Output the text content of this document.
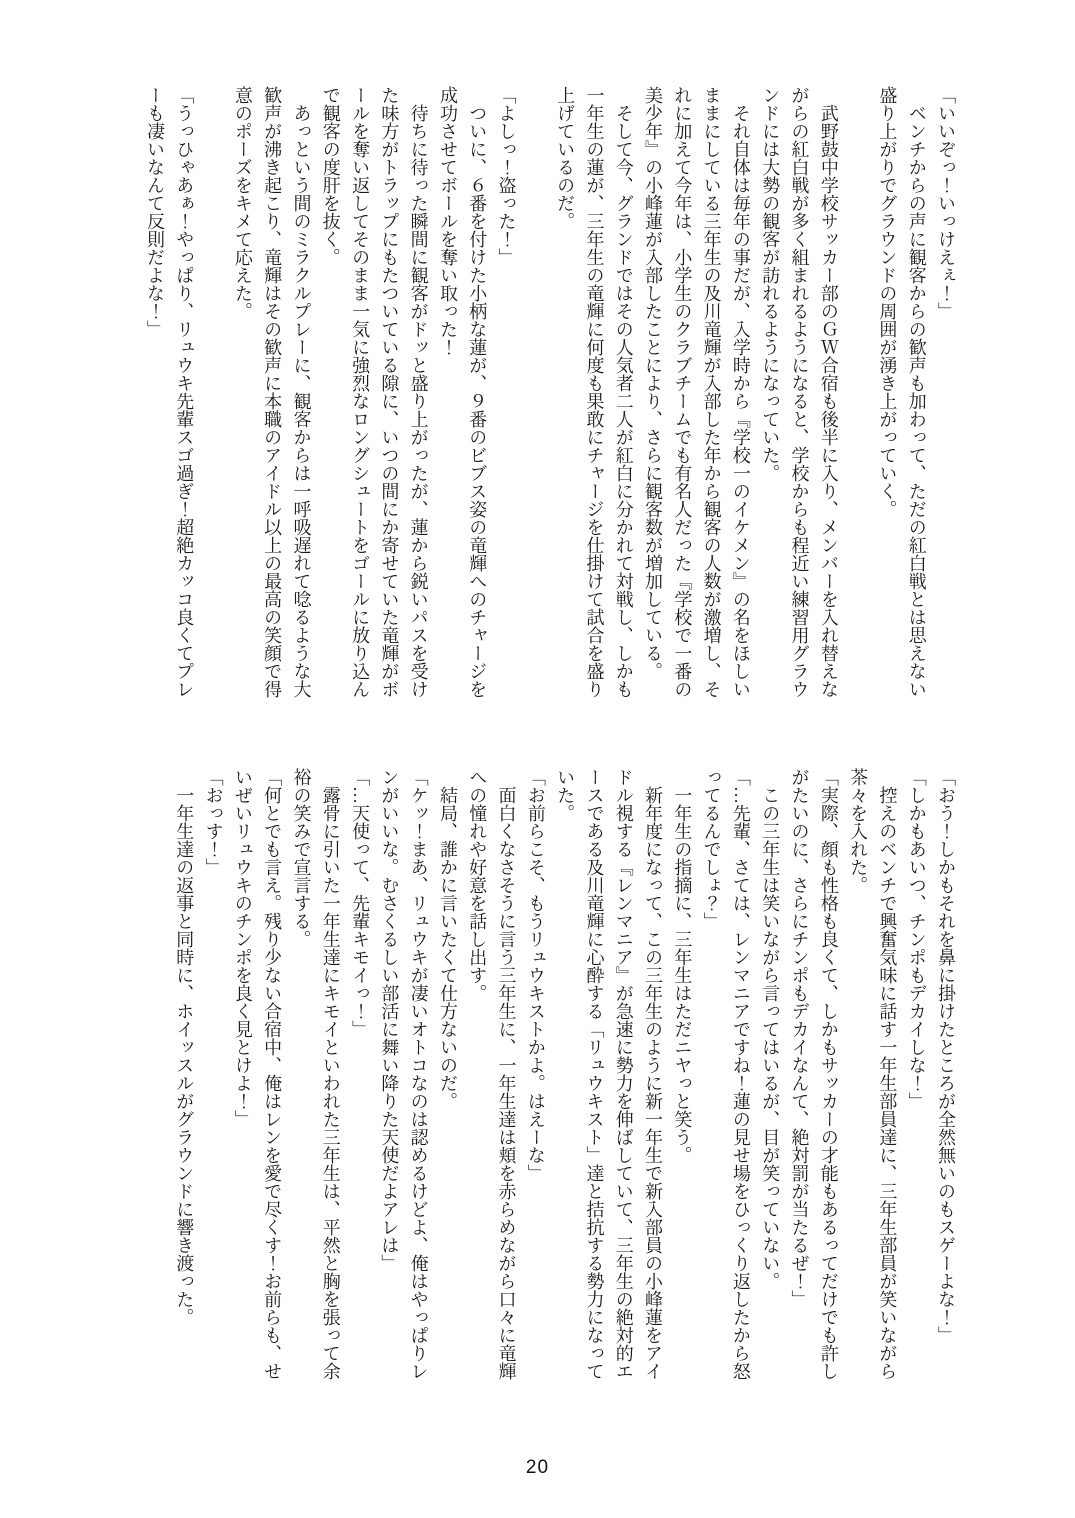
「いいぞっ！いっけえぇ！」

　ベンチからの声に観客からの歓声も加わって、ただの紅白戦とは思えない

盛り上がりでグラウンドの周囲が湧き上がっていく。

　武野鼓中学校サッカー部のＧＷ合宿も後半に入り、メンバーを入れ替えな

がらの紅白戦が多く組まれるようになると、学校からも程近い練習用グラウ

ンドには大勢の観客が訪れるようになっていた。

　それ自体は毎年の事だが、入学時から『学校一のイケメン』の名をほしい

ままにしている三年生の及川竜輝が入部した年から観客の人数が激増し、そ

れに加えて今年は、小学生のクラブチームでも有名人だった『学校で一番の

美少年』の小峰蓮が入部したことにより、さらに観客数が増加している。

　そして今、グランドではその人気者二人が紅白に分かれて対戦し、しかも

一年生の蓮が、三年生の竜輝に何度も果敢にチャージを仕掛けて試合を盛り

上げているのだ。

「よしっ！盗った！」

　ついに、６番を付けた小柄な蓮が、９番のビブス姿の竜輝へのチャージを

成功させてボールを奪い取った！

　待ちに待った瞬間に観客がドッと盛り上がったが、蓮から鋭いパスを受け

た味方がトラップにもたついている隙に、いつの間にか寄せていた竜輝がボ

ールを奪い返してそのまま一気に強烈なロングシュートをゴールに放り込ん

で観客の度肝を抜く。

　あっという間のミラクルプレーに、観客からは一呼吸遅れて唸るような大

歓声が沸き起こり、竜輝はその歓声に本職のアイドル以上の最高の笑顔で得

意のポーズをキメて応えた。

「うっひゃあぁ！やっぱり、リュウキ先輩スゴ過ぎ！超絶カッコ良くてプレ

ーも凄いなんて反則だよな！」

「おう！しかもそれを鼻に掛けたところが全然無いのもスゲーよな！」

「しかもあいつ、チンポもデカイしな！」

　控えのベンチで興奮気味に話す一年生部員達に、三年生部員が笑いながら

茶々を入れた。

「実際、顔も性格も良くて、しかもサッカーの才能もあるってだけでも許し

がたいのに、さらにチンポもデカイなんて、絶対罰が当たるぜ！」

　この三年生は笑いながら言ってはいるが、目が笑っていない。

「…先輩、さては、レンマニアですね！蓮の見せ場をひっくり返したから怒

ってるんでしょ？」

　一年生の指摘に、三年生はただニヤっと笑う。

　新年度になって、この三年生のように新一年生で新入部員の小峰蓮をアイ

ドル視する『レンマニア』が急速に勢力を伸ばしていて、三年生の絶対的エ

ースである及川竜輝に心酔する「リュウキスト」達と拮抗する勢力になって

いた。

「お前らこそ、もうリュウキストかよ。はえーな」

　面白くなさそうに言う三年生に、一年生達は頬を赤らめながら口々に竜輝

への憧れや好意を話し出す。

　結局、誰かに言いたくて仕方ないのだ。

「ケッ！まあ、リュウキが凄いオトコなのは認めるけどよ、俺はやっぱりレ

ンがいいな。むさくるしい部活に舞い降りた天使だよアレは」

「…天使って、先輩キモイっ！」

　露骨に引いた一年生達にキモイといわれた三年生は、平然と胸を張って余

裕の笑みで宣言する。

「何とでも言え。残り少ない合宿中、俺はレンを愛で尽くす！お前らも、せ

いぜいリュウキのチンポを良く見とけよ！」

「おっす！」

　一年生達の返事と同時に、ホイッスルがグラウンドに響き渡った。

20
